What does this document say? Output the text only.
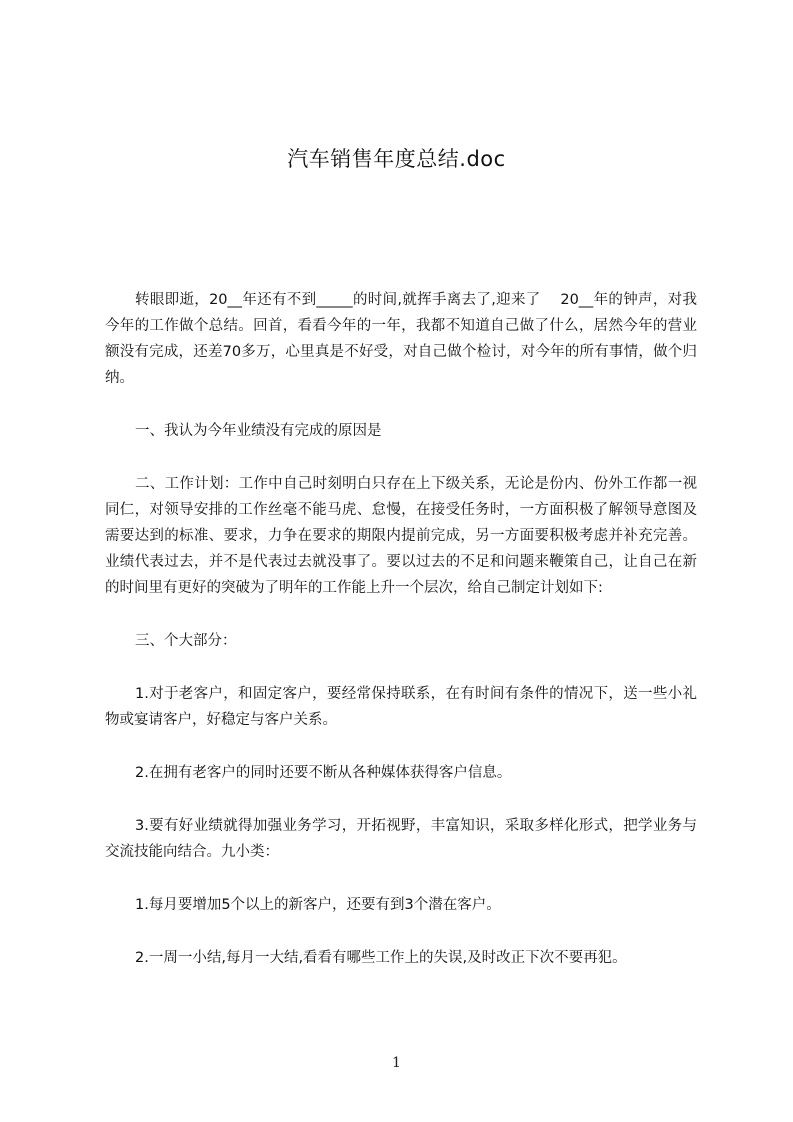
汽车销售年度总结.doc

转眼即逝，20__年还有不到_____的时间,就挥手离去了,迎来了　 20__年的钟声，对我今年的工作做个总结。回首，看看今年的一年，我都不知道自己做了什么，居然今年的营业额没有完成，还差70多万，心里真是不好受，对自己做个检讨，对今年的所有事情，做个归纳。

一、我认为今年业绩没有完成的原因是

二、工作计划：工作中自己时刻明白只存在上下级关系，无论是份内、份外工作都一视同仁，对领导安排的工作丝毫不能马虎、怠慢，在接受任务时，一方面积极了解领导意图及需要达到的标准、要求，力争在要求的期限内提前完成，另一方面要积极考虑并补充完善。业绩代表过去，并不是代表过去就没事了。要以过去的不足和问题来鞭策自己，让自己在新的时间里有更好的突破为了明年的工作能上升一个层次，给自己制定计划如下:

三、个大部分：

1.对于老客户，和固定客户，要经常保持联系，在有时间有条件的情况下，送一些小礼物或宴请客户，好稳定与客户关系。

2.在拥有老客户的同时还要不断从各种媒体获得客户信息。

3.要有好业绩就得加强业务学习，开拓视野，丰富知识，采取多样化形式，把学业务与交流技能向结合。九小类：

1.每月要增加5个以上的新客户，还要有到3个潜在客户。

2.一周一小结,每月一大结,看看有哪些工作上的失误,及时改正下次不要再犯。

1
